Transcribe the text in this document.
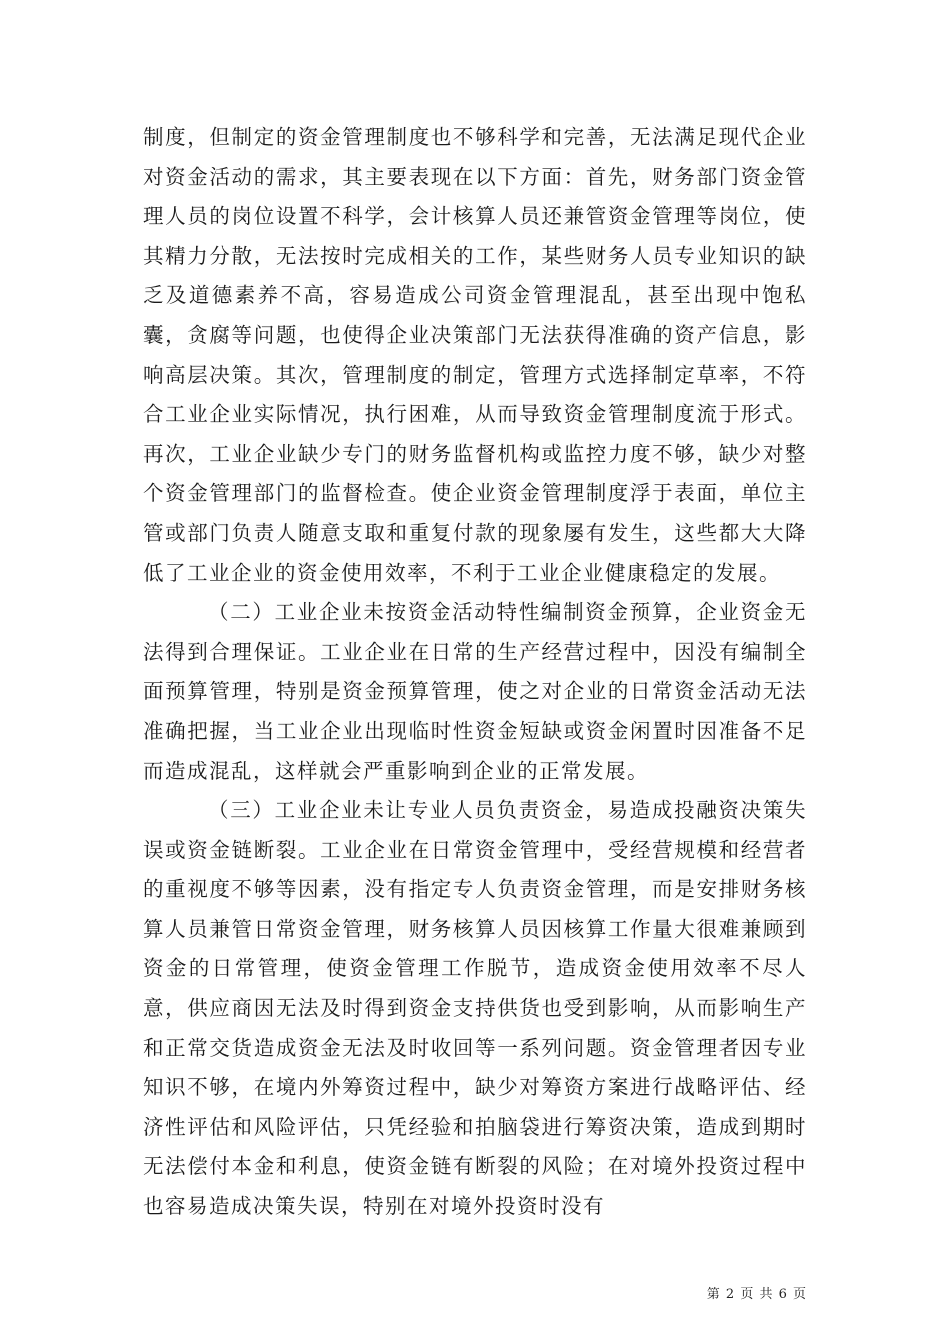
制度，但制定的资金管理制度也不够科学和完善，无法满足现代企业对资金活动的需求，其主要表现在以下方面：首先，财务部门资金管理人员的岗位设置不科学，会计核算人员还兼管资金管理等岗位，使其精力分散，无法按时完成相关的工作，某些财务人员专业知识的缺乏及道德素养不高，容易造成公司资金管理混乱，甚至出现中饱私囊，贪腐等问题，也使得企业决策部门无法获得准确的资产信息，影响高层决策。其次，管理制度的制定，管理方式选择制定草率，不符合工业企业实际情况，执行困难，从而导致资金管理制度流于形式。再次，工业企业缺少专门的财务监督机构或监控力度不够，缺少对整个资金管理部门的监督检查。使企业资金管理制度浮于表面，单位主管或部门负责人随意支取和重复付款的现象屡有发生，这些都大大降低了工业企业的资金使用效率，不利于工业企业健康稳定的发展。

（二）工业企业未按资金活动特性编制资金预算，企业资金无法得到合理保证。工业企业在日常的生产经营过程中，因没有编制全面预算管理，特别是资金预算管理，使之对企业的日常资金活动无法准确把握，当工业企业出现临时性资金短缺或资金闲置时因准备不足而造成混乱，这样就会严重影响到企业的正常发展。

（三）工业企业未让专业人员负责资金，易造成投融资决策失误或资金链断裂。工业企业在日常资金管理中，受经营规模和经营者的重视度不够等因素，没有指定专人负责资金管理，而是安排财务核算人员兼管日常资金管理，财务核算人员因核算工作量大很难兼顾到资金的日常管理，使资金管理工作脱节，造成资金使用效率不尽人意，供应商因无法及时得到资金支持供货也受到影响，从而影响生产和正常交货造成资金无法及时收回等一系列问题。资金管理者因专业知识不够，在境内外筹资过程中，缺少对筹资方案进行战略评估、经济性评估和风险评估，只凭经验和拍脑袋进行筹资决策，造成到期时无法偿付本金和利息，使资金链有断裂的风险；在对境外投资过程中也容易造成决策失误，特别在对境外投资时没有

第 2 页 共 6 页
